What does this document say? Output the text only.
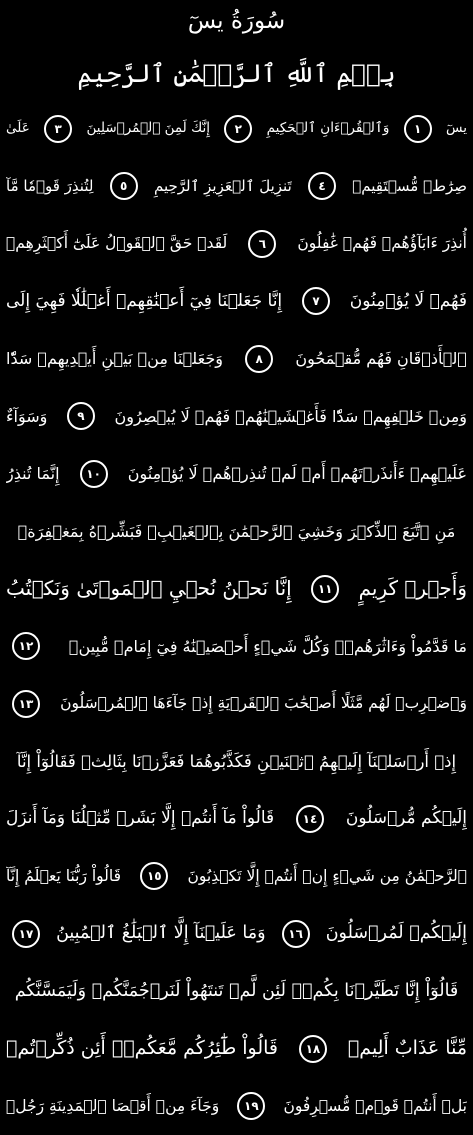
سُورَةُ يسٓ
بِسۡمِ ٱللَّهِ ٱلرَّحۡمَٰنِ ٱلرَّحِيمِ
يسٓ
١
وَٱلۡقُرۡءَانِ ٱلۡحَكِيمِ
٢
إِنَّكَ لَمِنَ ٱلۡمُرۡسَلِينَ
٣
عَلَىٰ
صِرَٰطٖ مُّسۡتَقِيمٖ
٤
تَنزِيلَ ٱلۡعَزِيزِ ٱلرَّحِيمِ
٥
لِتُنذِرَ قَوۡمٗا مَّآ
أُنذِرَ ءَابَآؤُهُمۡ فَهُمۡ غَٰفِلُونَ
٦
لَقَدۡ حَقَّ ٱلۡقَوۡلُ عَلَىٰٓ أَكۡثَرِهِمۡ
فَهُمۡ لَا يُؤۡمِنُونَ
٧
إِنَّا جَعَلۡنَا فِيٓ أَعۡنَٰقِهِمۡ أَغۡلَٰلٗا فَهِيَ إِلَى
ٱلۡأَذۡقَانِ فَهُم مُّقۡمَحُونَ
٨
وَجَعَلۡنَا مِنۢ بَيۡنِ أَيۡدِيهِمۡ سَدّٗا
وَمِنۡ خَلۡفِهِمۡ سَدّٗا فَأَغۡشَيۡنَٰهُمۡ فَهُمۡ لَا يُبۡصِرُونَ
٩
وَسَوَآءٌ
عَلَيۡهِمۡ ءَأَنذَرۡتَهُمۡ أَمۡ لَمۡ تُنذِرۡهُمۡ لَا يُؤۡمِنُونَ
١٠
إِنَّمَا تُنذِرُ
مَنِ ٱتَّبَعَ ٱلذِّكۡرَ وَخَشِيَ ٱلرَّحۡمَٰنَ بِٱلۡغَيۡبِۖ فَبَشِّرۡهُ بِمَغۡفِرَةٖ
وَأَجۡرٖ كَرِيمٍ
١١
إِنَّا نَحۡنُ نُحۡيِ ٱلۡمَوۡتَىٰ وَنَكۡتُبُ
مَا قَدَّمُواْ وَءَاثَٰرَهُمۡۚ وَكُلَّ شَيۡءٍ أَحۡصَيۡنَٰهُ فِيٓ إِمَامٖ مُّبِينٖ
١٢
وَٱضۡرِبۡ لَهُم مَّثَلًا أَصۡحَٰبَ ٱلۡقَرۡيَةِ إِذۡ جَآءَهَا ٱلۡمُرۡسَلُونَ
١٣
إِذۡ أَرۡسَلۡنَآ إِلَيۡهِمُ ٱثۡنَيۡنِ فَكَذَّبُوهُمَا فَعَزَّزۡنَا بِثَالِثٖ فَقَالُوٓاْ إِنَّآ
إِلَيۡكُم مُّرۡسَلُونَ
١٤
قَالُواْ مَآ أَنتُمۡ إِلَّا بَشَرٞ مِّثۡلُنَا وَمَآ أَنزَلَ
ٱلرَّحۡمَٰنُ مِن شَيۡءٍ إِنۡ أَنتُمۡ إِلَّا تَكۡذِبُونَ
١٥
قَالُواْ رَبُّنَا يَعۡلَمُ إِنَّآ
إِلَيۡكُمۡ لَمُرۡسَلُونَ
١٦
وَمَا عَلَيۡنَآ إِلَّا ٱلۡبَلَٰغُ ٱلۡمُبِينُ
١٧
قَالُوٓاْ إِنَّا تَطَيَّرۡنَا بِكُمۡۖ لَئِن لَّمۡ تَنتَهُواْ لَنَرۡجُمَنَّكُمۡ وَلَيَمَسَّنَّكُم
مِّنَّا عَذَابٌ أَلِيمٞ
١٨
قَالُواْ طَٰٓئِرُكُم مَّعَكُمۡۚ أَئِن ذُكِّرۡتُمۚ
بَلۡ أَنتُمۡ قَوۡمٞ مُّسۡرِفُونَ
١٩
وَجَآءَ مِنۡ أَقۡصَا ٱلۡمَدِينَةِ رَجُلٞ
